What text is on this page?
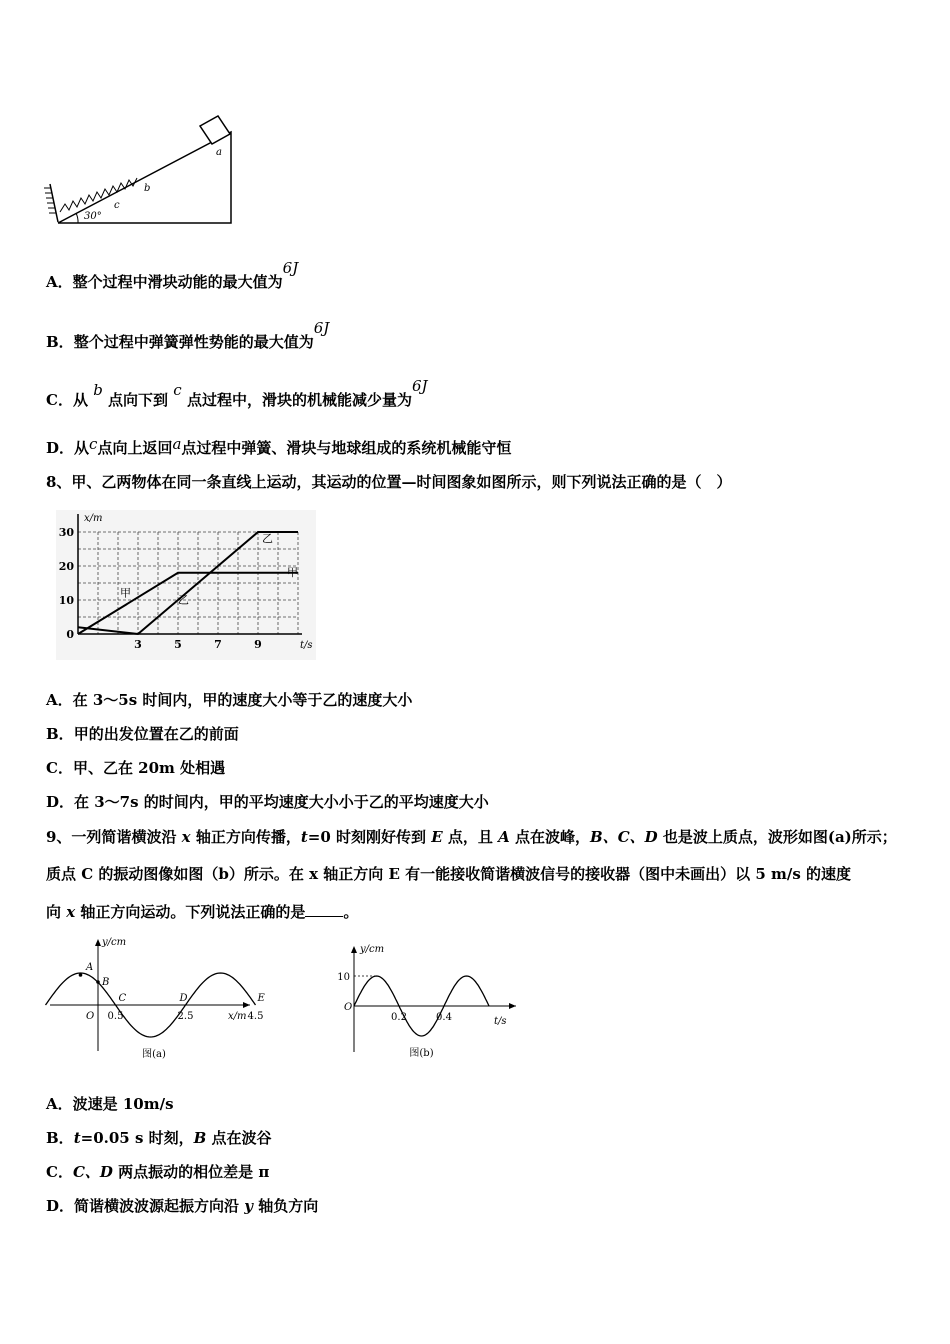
30°
a
b
c
A．整个过程中滑块动能的最大值为6J
B．整个过程中弹簧弹性势能的最大值为6J
C．从 b 点向下到 c 点过程中，滑块的机械能减少量为6J
D．从c点向上返回a点过程中弹簧、滑块与地球组成的系统机械能守恒
8、甲、乙两物体在同一条直线上运动，其运动的位置—时间图象如图所示，则下列说法正确的是（　）
0
10
20
30
3	5	7	9
x/m
t/s
甲
甲
乙
乙
A．在 3～5s 时间内，甲的速度大小等于乙的速度大小
B．甲的出发位置在乙的前面
C．甲、乙在 20m 处相遇
D．在 3～7s 的时间内，甲的平均速度大小小于乙的平均速度大小
9、一列简谐横波沿 x 轴正方向传播，t=0 时刻刚好传到 E 点，且 A 点在波峰，B、C、D 也是波上质点，波形如图(a)所示；
质点 C 的振动图像如图（b）所示。在 x 轴正方向 E 有一能接收简谐横波信号的接收器（图中未画出）以 5 m/s 的速度
向 x 轴正方向运动。下列说法正确的是	。
y/cm
x/m
0.5	2.5	4.5
A
B
C	D	E
O
图(a)
y/cm
t/s
10
0.2	0.4
O
图(b)
A．波速是 10m/s
B．t=0.05 s 时刻，B 点在波谷
C．C、D 两点振动的相位差是 π
D．简谐横波波源起振方向沿 y 轴负方向
